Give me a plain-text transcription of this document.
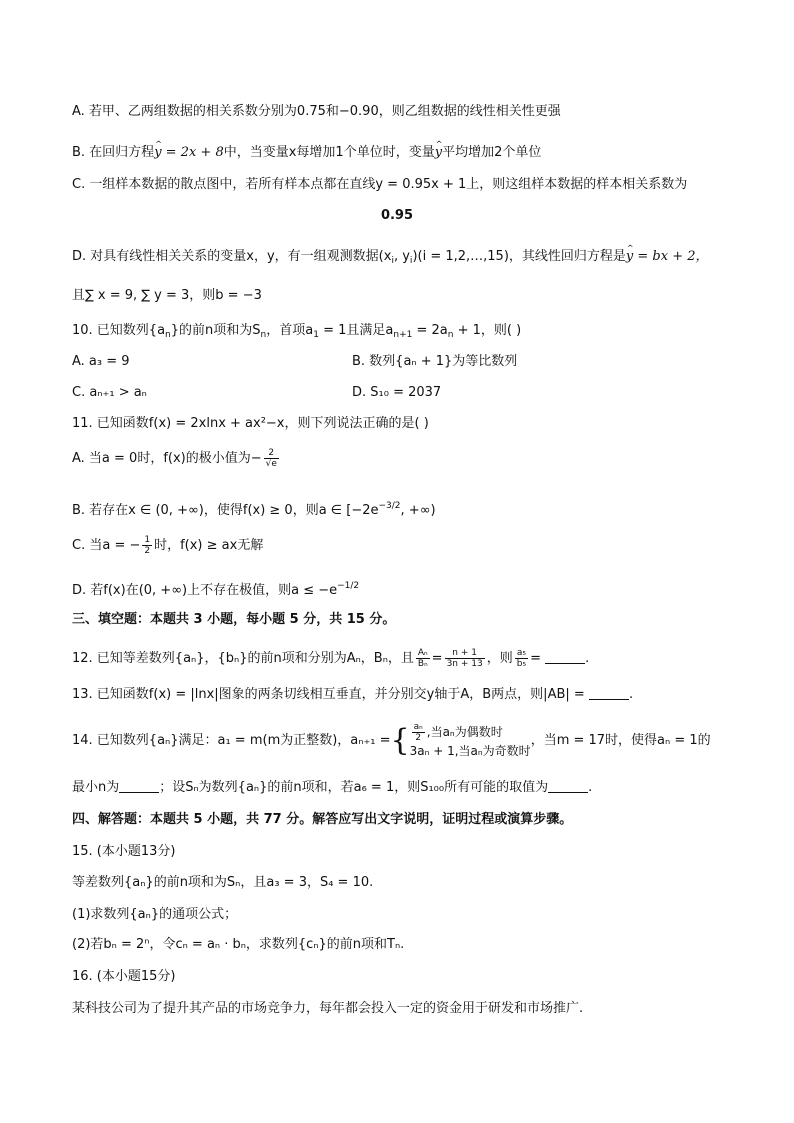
A. 若甲、乙两组数据的相关系数分别为0.75和−0.90，则乙组数据的线性相关性更强
B. 在回归方程^ y = 2x + 8中，当变量x每增加1个单位时，变量^ y平均增加2个单位
C. 一组样本数据的散点图中，若所有样本点都在直线y = 0.95x + 1上，则这组样本数据的样本相关系数为
0.95
D. 对具有线性相关关系的变量x，y，有一组观测数据($x_i$, $y_i)(i$ = 1,2,…,15)，其线性回归方程是^ y = bx + 2，
且∑ x = 9, ∑ y = 3，则b = −3
10. 已知数列$\{a_n\}$的前n项和为$S_n$，首项$a_1 = 1$且满足$a_{n+1} = 2a_n + 1$，则( )
A. a₃ = 9	B. 数列{aₙ + 1}为等比数列
C. aₙ₊₁ > aₙ	D. S₁₀ = 2037
11. 已知函数f(x) = 2xlnx + ax²−x，则下列说法正确的是( )
A. 当a = 0时，f(x)的极小值为− $\frac{2}{√e}$
B. 若存在x ∈ (0, +∞)，使得f(x) ≥ 0，则a ∈ [$-2e^{-3/2}$, +∞)
C. 当a = − $\frac{1}{2}$ 时，f(x) ≥ ax无解
D. 若f(x)在(0, +∞)上不存在极值，则$a \le -e^{-1/2}$
三、填空题：本题共 3 小题，每小题 5 分，共 15 分。
12. 已知等差数列{aₙ}，{bₙ}的前n项和分别为Aₙ，Bₙ，且 $\frac{\text{Aₙ}}{\text{Bₙ}} = \frac{n + 1}{3n + 13}$ ，则 $\frac{\text{a₅}}{\text{b₅}}$ =	.
13. 已知函数f(x) = |lnx|图象的两条切线相互垂直，并分别交y轴于A，B两点，则|AB| =	.
14. 已知数列{aₙ}满足：a₁ = m(m为正整数)，aₙ₊₁ ={ $\frac{\text{aₙ}}{2}$ ,当aₙ为偶数时
3aₙ + 1,当aₙ为奇数时
，当m = 17时，使得aₙ = 1的
最小n为	；设Sₙ为数列{aₙ}的前n项和，若a₆ = 1，则S₁₀₀所有可能的取值为	.
四、解答题：本题共 5 小题，共 77 分。解答应写出文字说明，证明过程或演算步骤。
15. (本小题13分)
等差数列{aₙ}的前n项和为Sₙ，且a₃ = 3，S₄ = 10.
(1)求数列{aₙ}的通项公式；
(2)若bₙ = 2ⁿ，令cₙ = aₙ · bₙ，求数列{cₙ}的前n项和Tₙ.
16. (本小题15分)
某科技公司为了提升其产品的市场竞争力，每年都会投入一定的资金用于研发和市场推广.
